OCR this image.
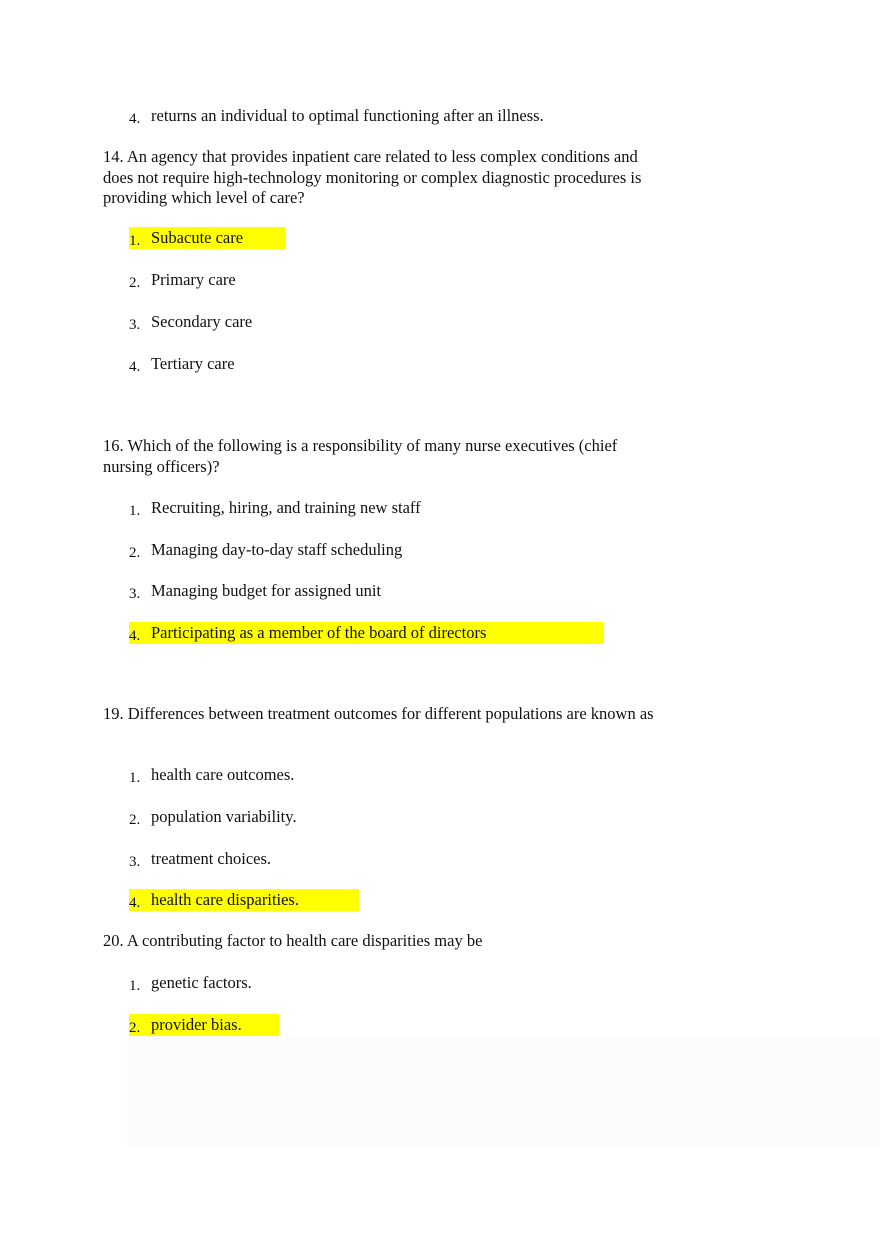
4. returns an individual to optimal functioning after an illness.
14. An agency that provides inpatient care related to less complex conditions and does not require high-technology monitoring or complex diagnostic procedures is providing which level of care?
1. Subacute care
2. Primary care
3. Secondary care
4. Tertiary care
16. Which of the following is a responsibility of many nurse executives (chief nursing officers)?
1. Recruiting, hiring, and training new staff
2. Managing day-to-day staff scheduling
3. Managing budget for assigned unit
4. Participating as a member of the board of directors
19. Differences between treatment outcomes for different populations are known as
1. health care outcomes.
2. population variability.
3. treatment choices.
4. health care disparities.
20. A contributing factor to health care disparities may be
1. genetic factors.
2. provider bias.
